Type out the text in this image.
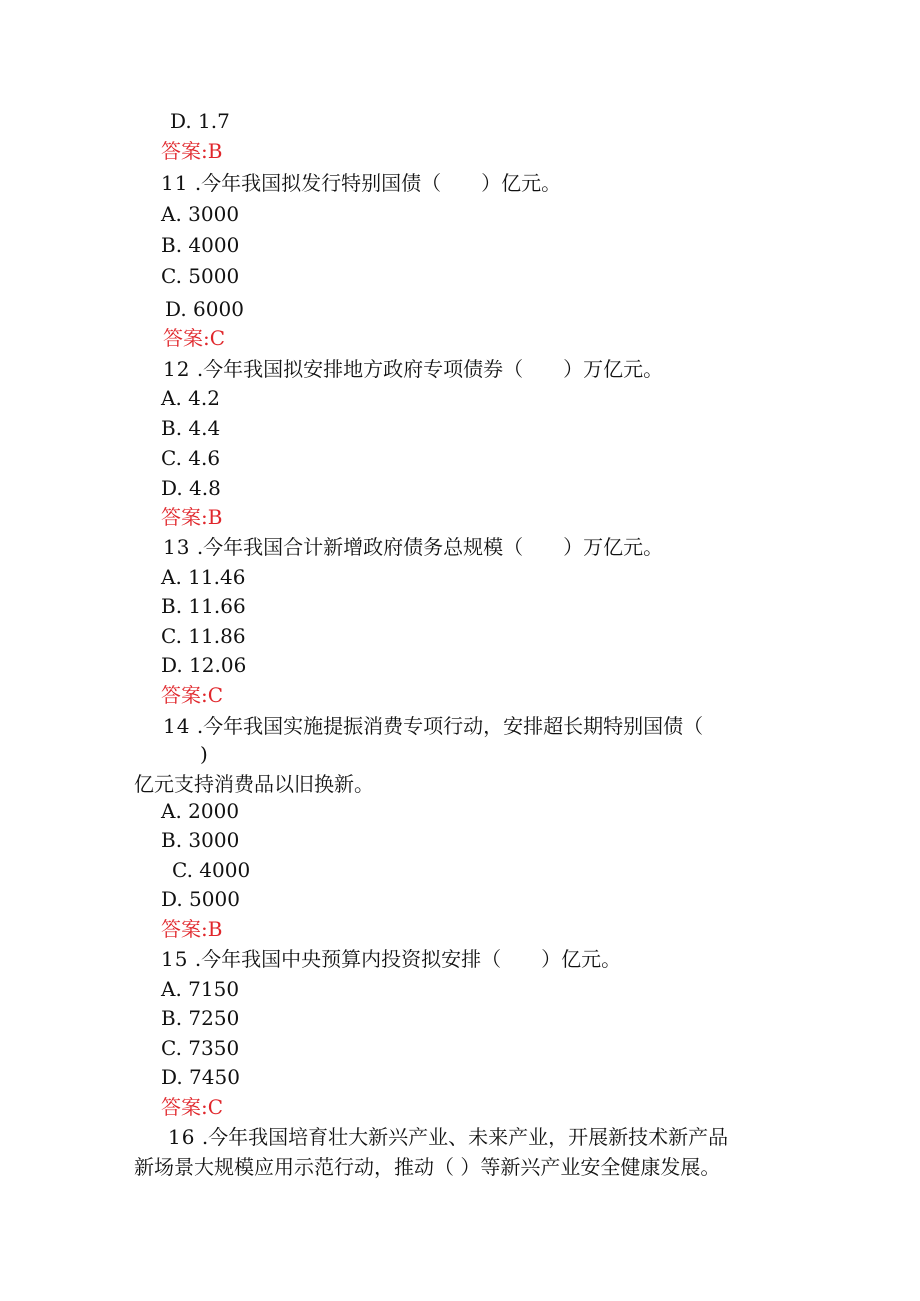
D. 1.7
答案:B
11 .今年我国拟发行特别国债（　　）亿元。
A. 3000
B. 4000
C. 5000
D. 6000
答案:C
12 .今年我国拟安排地方政府专项债券（　　）万亿元。
A. 4.2
B. 4.4
C. 4.6
D. 4.8
答案:B
13 .今年我国合计新增政府债务总规模（　　）万亿元。
A. 11.46
B. 11.66
C. 11.86
D. 12.06
答案:C
14 .今年我国实施提振消费专项行动，安排超长期特别国债（
)
亿元支持消费品以旧换新。
A. 2000
B. 3000
C. 4000
D. 5000
答案:B
15 .今年我国中央预算内投资拟安排（　　）亿元。
A. 7150
B. 7250
C. 7350
D. 7450
答案:C
16 .今年我国培育壮大新兴产业、未来产业，开展新技术新产品
新场景大规模应用示范行动，推动（ ）等新兴产业安全健康发展。
